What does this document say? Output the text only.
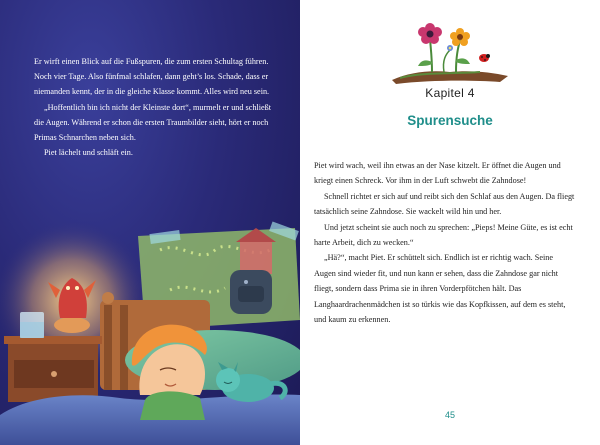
Er wirft einen Blick auf die Fußspuren, die zum ersten Schultag führen. Noch vier Tage. Also fünfmal schlafen, dann geht’s los. Schade, dass er niemanden kennt, der in die gleiche Klasse kommt. Alles wird neu sein.

„Hoffentlich bin ich nicht der Kleinste dort“, murmelt er und schließt die Augen. Während er schon die ersten Traumbilder sieht, hört er noch Primas Schnarchen neben sich.

Piet lächelt und schläft ein.

Kapitel 4
Spurensuche

Piet wird wach, weil ihn etwas an der Nase kitzelt. Er öffnet die Augen und kriegt einen Schreck. Vor ihm in der Luft schwebt die Zahndose!

Schnell richtet er sich auf und reibt sich den Schlaf aus den Augen. Da fliegt tatsächlich seine Zahndose. Sie wackelt wild hin und her.

Und jetzt scheint sie auch noch zu sprechen: „Pieps! Meine Güte, es ist echt harte Arbeit, dich zu wecken.“

„Hä?“, macht Piet. Er schüttelt sich. Endlich ist er richtig wach. Seine Augen sind wieder fit, und nun kann er sehen, dass die Zahndose gar nicht fliegt, sondern dass Prima sie in ihren Vorderpfötchen hält. Das Langhaardrachenmädchen ist so türkis wie das Kopfkissen, auf dem es steht, und kaum zu erkennen.

45
